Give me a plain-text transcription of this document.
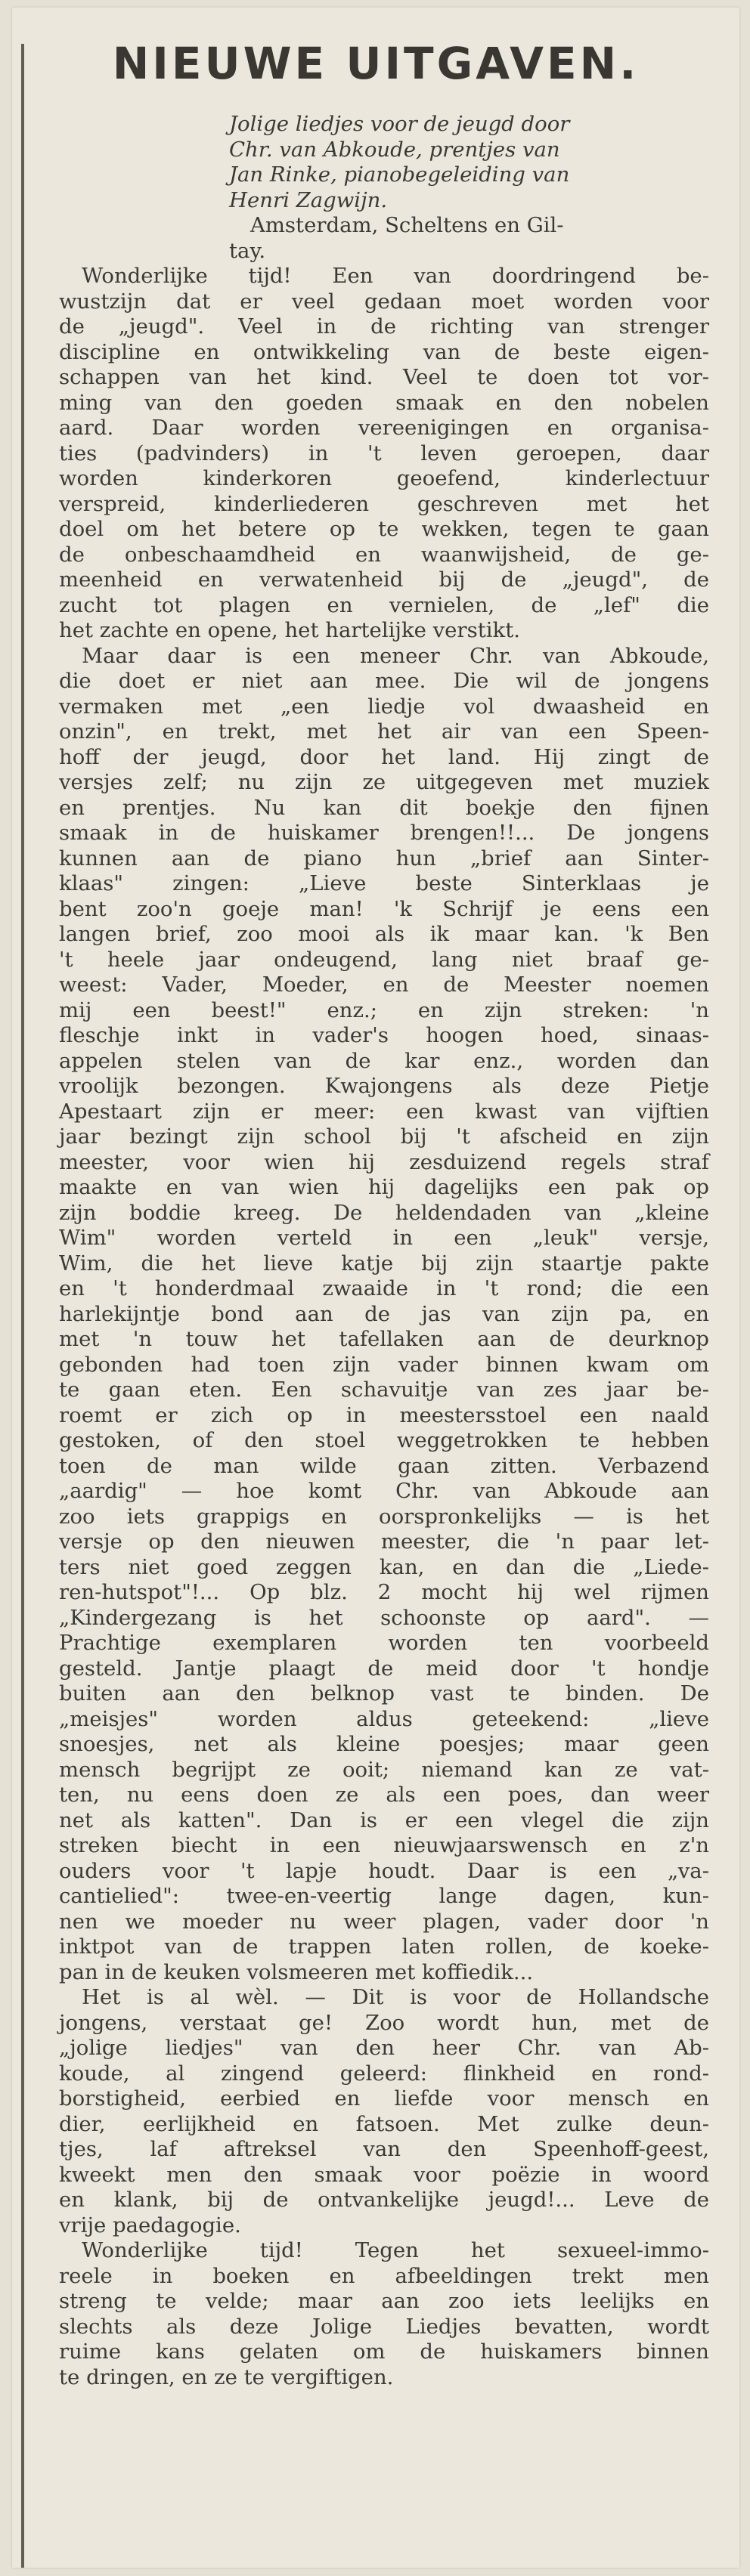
NIEUWE UITGAVEN.
Jolige liedjes voor de jeugd door
Chr. van Abkoude, prentjes van
Jan Rinke, pianobegeleiding van
Henri Zagwijn.
Amsterdam, Scheltens en Gil-
tay.
Wonderlijke tijd! Een van doordringend be-
wustzijn dat er veel gedaan moet worden voor
de „jeugd". Veel in de richting van strenger
discipline en ontwikkeling van de beste eigen-
schappen van het kind. Veel te doen tot vor-
ming van den goeden smaak en den nobelen
aard. Daar worden vereenigingen en organisa-
ties (padvinders) in 't leven geroepen, daar
worden kinderkoren geoefend, kinderlectuur
verspreid, kinderliederen geschreven met het
doel om het betere op te wekken, tegen te gaan
de onbeschaamdheid en waanwijsheid, de ge-
meenheid en verwatenheid bij de „jeugd", de
zucht tot plagen en vernielen, de „lef" die
het zachte en opene, het hartelijke verstikt.
Maar daar is een meneer Chr. van Abkoude,
die doet er niet aan mee. Die wil de jongens
vermaken met „een liedje vol dwaasheid en
onzin", en trekt, met het air van een Speen-
hoff der jeugd, door het land. Hij zingt de
versjes zelf; nu zijn ze uitgegeven met muziek
en prentjes. Nu kan dit boekje den fijnen
smaak in de huiskamer brengen!!... De jongens
kunnen aan de piano hun „brief aan Sinter-
klaas" zingen: „Lieve beste Sinterklaas je
bent zoo'n goeje man! 'k Schrijf je eens een
langen brief, zoo mooi als ik maar kan. 'k Ben
't heele jaar ondeugend, lang niet braaf ge-
weest: Vader, Moeder, en de Meester noemen
mij een beest!" enz.; en zijn streken: 'n
fleschje inkt in vader's hoogen hoed, sinaas-
appelen stelen van de kar enz., worden dan
vroolijk bezongen. Kwajongens als deze Pietje
Apestaart zijn er meer: een kwast van vijftien
jaar bezingt zijn school bij 't afscheid en zijn
meester, voor wien hij zesduizend regels straf
maakte en van wien hij dagelijks een pak op
zijn boddie kreeg. De heldendaden van „kleine
Wim" worden verteld in een „leuk" versje,
Wim, die het lieve katje bij zijn staartje pakte
en 't honderdmaal zwaaide in 't rond; die een
harlekijntje bond aan de jas van zijn pa, en
met 'n touw het tafellaken aan de deurknop
gebonden had toen zijn vader binnen kwam om
te gaan eten. Een schavuitje van zes jaar be-
roemt er zich op in meestersstoel een naald
gestoken, of den stoel weggetrokken te hebben
toen de man wilde gaan zitten. Verbazend
„aardig" — hoe komt Chr. van Abkoude aan
zoo iets grappigs en oorspronkelijks — is het
versje op den nieuwen meester, die 'n paar let-
ters niet goed zeggen kan, en dan die „Liede-
ren-hutspot"!... Op blz. 2 mocht hij wel rijmen
„Kindergezang is het schoonste op aard". —
Prachtige exemplaren worden ten voorbeeld
gesteld. Jantje plaagt de meid door 't hondje
buiten aan den belknop vast te binden. De
„meisjes" worden aldus geteekend: „lieve
snoesjes, net als kleine poesjes; maar geen
mensch begrijpt ze ooit; niemand kan ze vat-
ten, nu eens doen ze als een poes, dan weer
net als katten". Dan is er een vlegel die zijn
streken biecht in een nieuwjaarswensch en z'n
ouders voor 't lapje houdt. Daar is een „va-
cantielied": twee-en-veertig lange dagen, kun-
nen we moeder nu weer plagen, vader door 'n
inktpot van de trappen laten rollen, de koeke-
pan in de keuken volsmeeren met koffiedik...
Het is al wèl. — Dit is voor de Hollandsche
jongens, verstaat ge! Zoo wordt hun, met de
„jolige liedjes" van den heer Chr. van Ab-
koude, al zingend geleerd: flinkheid en rond-
borstigheid, eerbied en liefde voor mensch en
dier, eerlijkheid en fatsoen. Met zulke deun-
tjes, laf aftreksel van den Speenhoff-geest,
kweekt men den smaak voor poëzie in woord
en klank, bij de ontvankelijke jeugd!... Leve de
vrije paedagogie.
Wonderlijke tijd! Tegen het sexueel-immo-
reele in boeken en afbeeldingen trekt men
streng te velde; maar aan zoo iets leelijks en
slechts als deze Jolige Liedjes bevatten, wordt
ruime kans gelaten om de huiskamers binnen
te dringen, en ze te vergiftigen.
